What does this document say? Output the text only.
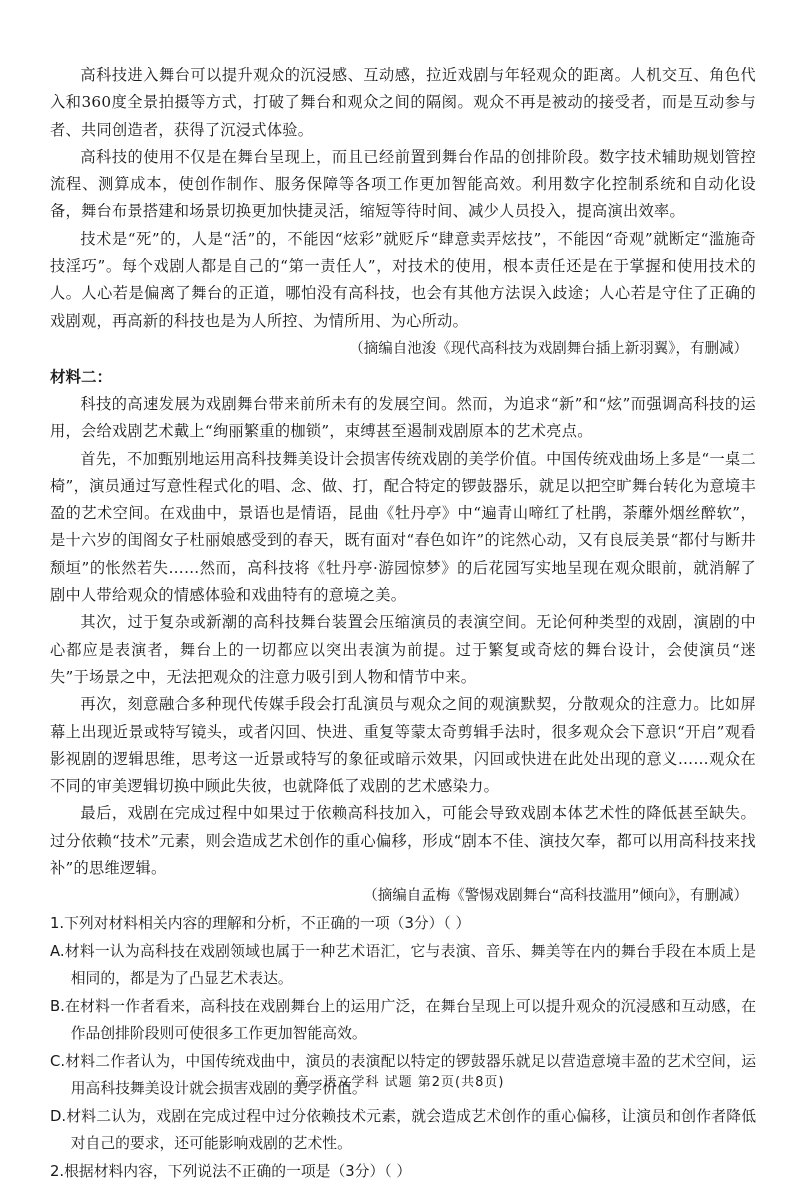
高科技进入舞台可以提升观众的沉浸感、互动感，拉近戏剧与年轻观众的距离。人机交互、角色代入和360度全景拍摄等方式，打破了舞台和观众之间的隔阂。观众不再是被动的接受者，而是互动参与者、共同创造者，获得了沉浸式体验。

高科技的使用不仅是在舞台呈现上，而且已经前置到舞台作品的创排阶段。数字技术辅助规划管控流程、测算成本，使创作制作、服务保障等各项工作更加智能高效。利用数字化控制系统和自动化设备，舞台布景搭建和场景切换更加快捷灵活，缩短等待时间、减少人员投入，提高演出效率。

技术是“死”的，人是“活”的，不能因“炫彩”就贬斥“肆意卖弄炫技”，不能因“奇观”就断定“滥施奇技淫巧”。每个戏剧人都是自己的“第一责任人”，对技术的使用，根本责任还是在于掌握和使用技术的人。人心若是偏离了舞台的正道，哪怕没有高科技，也会有其他方法误入歧途；人心若是守住了正确的戏剧观，再高新的科技也是为人所控、为情所用、为心所动。

（摘编自池浚《现代高科技为戏剧舞台插上新羽翼》，有删减）

材料二：

科技的高速发展为戏剧舞台带来前所未有的发展空间。然而，为追求“新”和“炫”而强调高科技的运用，会给戏剧艺术戴上“绚丽繁重的枷锁”，束缚甚至遏制戏剧原本的艺术亮点。

首先，不加甄别地运用高科技舞美设计会损害传统戏剧的美学价值。中国传统戏曲场上多是“一桌二椅”，演员通过写意性程式化的唱、念、做、打，配合特定的锣鼓器乐，就足以把空旷舞台转化为意境丰盈的艺术空间。在戏曲中，景语也是情语，昆曲《牡丹亭》中“遍青山啼红了杜鹃，荼蘼外烟丝醉软”，是十六岁的闺阁女子杜丽娘感受到的春天，既有面对“春色如许”的诧然心动，又有良辰美景“都付与断井颓垣”的怅然若失……然而，高科技将《牡丹亭·游园惊梦》的后花园写实地呈现在观众眼前，就消解了剧中人带给观众的情感体验和戏曲特有的意境之美。

其次，过于复杂或新潮的高科技舞台装置会压缩演员的表演空间。无论何种类型的戏剧，演剧的中心都应是表演者，舞台上的一切都应以突出表演为前提。过于繁复或奇炫的舞台设计，会使演员“迷失”于场景之中，无法把观众的注意力吸引到人物和情节中来。

再次，刻意融合多种现代传媒手段会打乱演员与观众之间的观演默契，分散观众的注意力。比如屏幕上出现近景或特写镜头，或者闪回、快进、重复等蒙太奇剪辑手法时，很多观众会下意识“开启”观看影视剧的逻辑思维，思考这一近景或特写的象征或暗示效果，闪回或快进在此处出现的意义……观众在不同的审美逻辑切换中顾此失彼，也就降低了戏剧的艺术感染力。

最后，戏剧在完成过程中如果过于依赖高科技加入，可能会导致戏剧本体艺术性的降低甚至缺失。过分依赖“技术”元素，则会造成艺术创作的重心偏移，形成“剧本不佳、演技欠奉，都可以用高科技来找补”的思维逻辑。

（摘编自孟梅《警惕戏剧舞台“高科技滥用”倾向》，有删减）

1.下列对材料相关内容的理解和分析，不正确的一项（3分）（ ）

A.材料一认为高科技在戏剧领域也属于一种艺术语汇，它与表演、音乐、舞美等在内的舞台手段在本质上是相同的，都是为了凸显艺术表达。

B.在材料一作者看来，高科技在戏剧舞台上的运用广泛，在舞台呈现上可以提升观众的沉浸感和互动感，在作品创排阶段则可使很多工作更加智能高效。

C.材料二作者认为，中国传统戏曲中，演员的表演配以特定的锣鼓器乐就足以营造意境丰盈的艺术空间，运用高科技舞美设计就会损害戏剧的美学价值。

D.材料二认为，戏剧在完成过程中过分依赖技术元素，就会造成艺术创作的重心偏移，让演员和创作者降低对自己的要求，还可能影响戏剧的艺术性。

2.根据材料内容，下列说法不正确的一项是（3分）（ ）

高一语文学科 试题 第2页(共8页)
